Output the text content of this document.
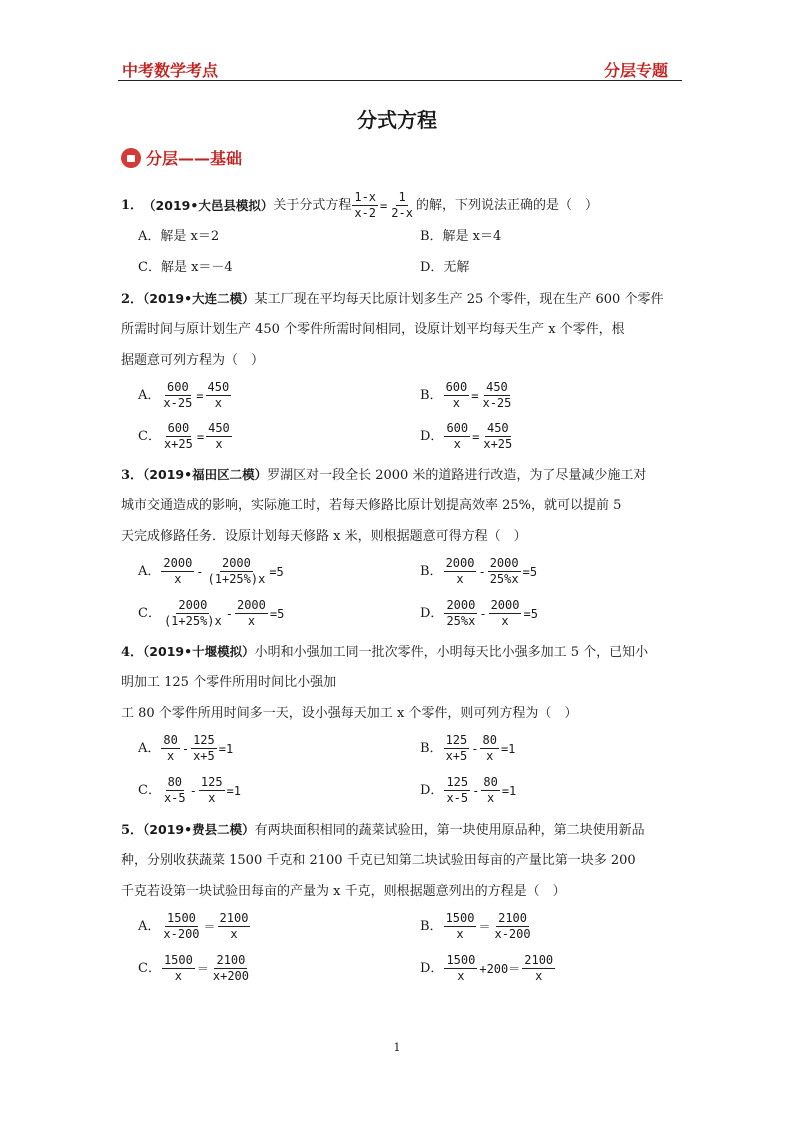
中考数学考点	分层专题
分式方程
分层——基础
1． （2019•大邑县模拟） 关于分式方程 $\frac{1-x}{x-2} = \frac{1}{2-x}$ 的解，下列说法正确的是（　）
A．解是 x＝2	B．解是 x＝4
C．解是 x＝－4	D．无解
2．（2019•大连二模）某工厂现在平均每天比原计划多生产 25 个零件，现在生产 600 个零件
所需时间与原计划生产 450 个零件所需时间相同，设原计划平均每天生产 x 个零件，根
据题意可列方程为（　）
A． $\frac{600}{x-25} = \frac{450}{x}$	B． $\frac{600}{x} = \frac{450}{x-25}$
C． $\frac{600}{x+25} = \frac{450}{x}$	D． $\frac{600}{x} = \frac{450}{x+25}$
3．（2019•福田区二模）罗湖区对一段全长 2000 米的道路进行改造，为了尽量减少施工对
城市交通造成的影响，实际施工时，若每天修路比原计划提高效率 25%，就可以提前 5
天完成修路任务．设原计划每天修路 x 米，则根据题意可得方程（　）
A． $\frac{2000}{x} - \frac{2000}{(1+25\%)x} =5$	B． $\frac{2000}{x} - \frac{2000}{25\%x} =5$
C． $\frac{2000}{(1+25\%)x} - \frac{2000}{x} =5$	D． $\frac{2000}{25\%x} - \frac{2000}{x} =5$
4．（2019•十堰模拟）小明和小强加工同一批次零件，小明每天比小强多加工 5 个，已知小
明加工 125 个零件所用时间比小强加
工 80 个零件所用时间多一天，设小强每天加工 x 个零件，则可列方程为（　）
A． $\frac{80}{x} - \frac{125}{x+5} =1$	B． $\frac{125}{x+5} - \frac{80}{x} =1$
C． $\frac{80}{x-5} - \frac{125}{x} =1$	D． $\frac{125}{x-5} - \frac{80}{x} =1$
5．（2019•费县二模）有两块面积相同的蔬菜试验田，第一块使用原品种，第二块使用新品
种，分别收获蔬菜 1500 千克和 2100 千克已知第二块试验田每亩的产量比第一块多 200
千克若设第一块试验田每亩的产量为 x 千克，则根据题意列出的方程是（　）
A． $\frac{1500}{x-200} = \frac{2100}{x}$	B． $\frac{1500}{x} = \frac{2100}{x-200}$
C． $\frac{1500}{x} = \frac{2100}{x+200}$	D． $\frac{1500}{x} +200= \frac{2100}{x}$
1
